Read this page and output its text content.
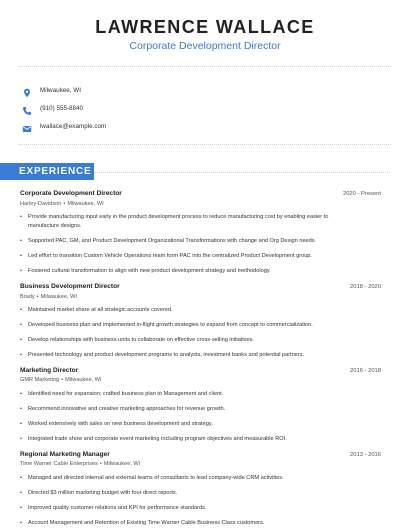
LAWRENCE WALLACE
Corporate Development Director
Milwaukee, WI
(910) 555-8840
lwallace@example.com
EXPERIENCE
Corporate Development Director	2020 - Present
Harley-Davidson • Milwaukee, WI
•	Provide manufacturing input early in the product development process to reduce manufacturing cost by enabling easier to manufacture designs.
•	Supported PAC, GM, and Product Development Organizational Transformations with change and Org Design needs.
•	Led effort to transition Custom Vehicle Operations team form PAC into the centralized Product Development group.
•	Fostered cultural transformation to align with new product development strategy and methodology.
Business Development Director	2018 - 2020
Brady • Milwaukee, WI
•	Maintained market share at all strategic accounts covered.
•	Developed business plan and implemented in-flight growth strategies to expand from concept to commercialization.
•	Develop relationships with business units to collaborate on effective cross-selling initiatives.
•	Presented technology and product development programs to analysts, investment banks and potential partners.
Marketing Director	2016 - 2018
GMR Marketing • Milwaukee, WI
•	Identified need for expansion; crafted business plan to Management and client.
•	Recommend innovative and creative marketing approaches for revenue growth.
•	Worked extensively with sales on new business development and strategy.
•	Integrated trade show and corporate event marketing including program objectives and measurable ROI.
Regional Marketing Manager	2013 - 2016
Time Warner Cable Enterprises • Milwaukee, WI
•	Managed and directed internal and external teams of consultants to lead company-wide CRM activities.
•	Directed $3 million marketing budget with four direct reports.
•	Improved quality customer relations and KPI for performance standards.
•	Account Management and Retention of Existing Time Warner Cable Business Class customers.
